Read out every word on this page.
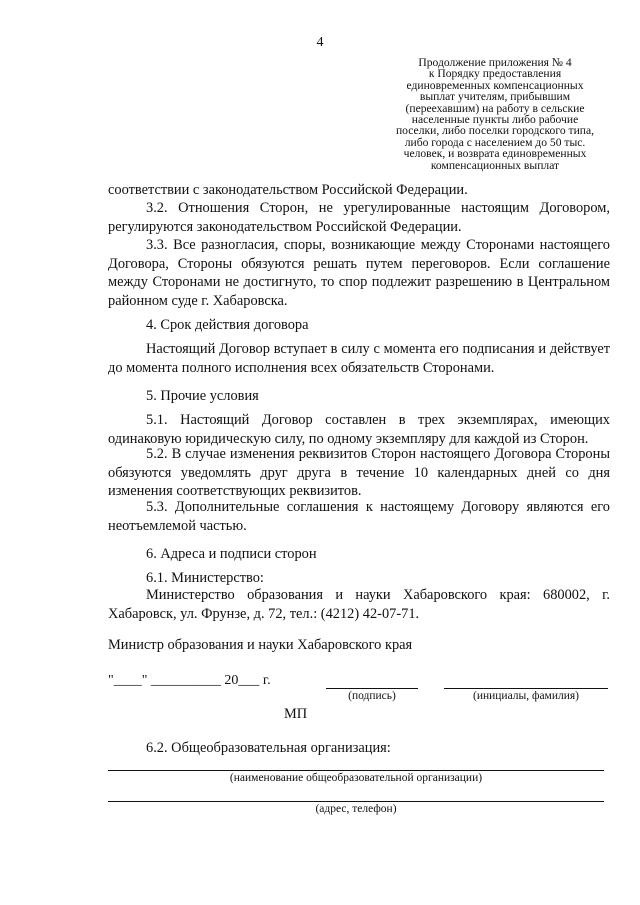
4
Продолжение приложения № 4
к Порядку предоставления
единовременных компенсационных
выплат учителям, прибывшим
(переехавшим) на работу в сельские
населенные пункты либо рабочие
поселки, либо поселки городского типа,
либо города с населением до 50 тыс.
человек, и возврата единовременных
компенсационных выплат

соответствии с законодательством Российской Федерации.

3.2. Отношения Сторон, не урегулированные настоящим Договором, регулируются законодательством Российской Федерации.

3.3. Все разногласия, споры, возникающие между Сторонами настоящего Договора, Стороны обязуются решать путем переговоров. Если соглашение между Сторонами не достигнуто, то спор подлежит разрешению в Центральном районном суде г. Хабаровска.

4. Срок действия договора

Настоящий Договор вступает в силу с момента его подписания и действует до момента полного исполнения всех обязательств Сторонами.

5. Прочие условия

5.1. Настоящий Договор составлен в трех экземплярах, имеющих одинаковую юридическую силу, по одному экземпляру для каждой из Сторон.

5.2. В случае изменения реквизитов Сторон настоящего Договора Стороны обязуются уведомлять друг друга в течение 10 календарных дней со дня изменения соответствующих реквизитов.

5.3. Дополнительные соглашения к настоящему Договору являются его неотъемлемой частью.

6. Адреса и подписи сторон

6.1. Министерство:

Министерство образования и науки Хабаровского края: 680002, г. Хабаровск, ул. Фрунзе, д. 72, тел.: (4212) 42-07-71.

Министр образования и науки Хабаровского края

"____" __________ 20___ г.
(подпись)	(инициалы, фамилия)
МП

6.2. Общеобразовательная организация:

(наименование общеобразовательной организации)
(адрес, телефон)
